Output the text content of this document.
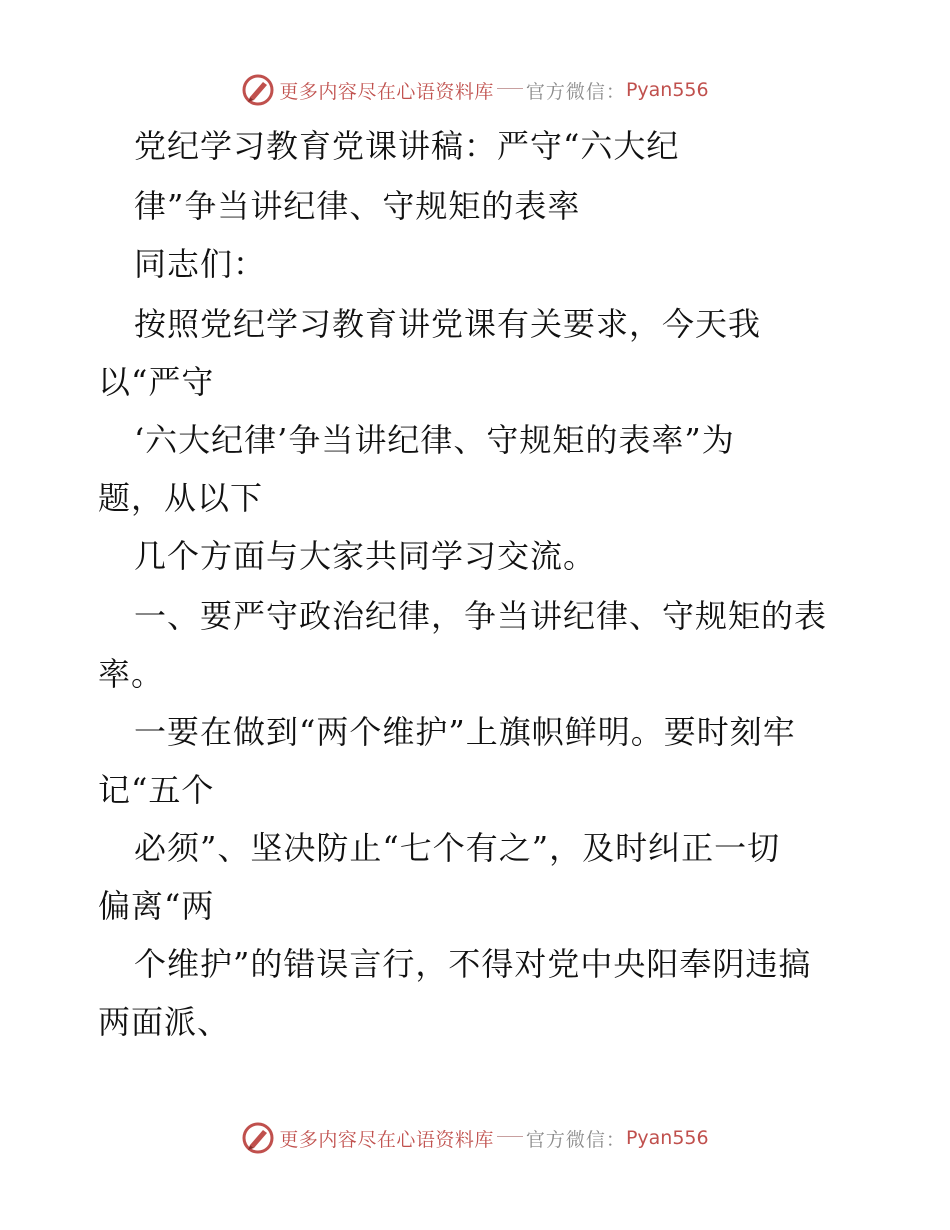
更多内容尽在心语资料库 官方微信： Pyan556
党纪学习教育党课讲稿：严守“六大纪
律”争当讲纪律、守规矩的表率
同志们：
按照党纪学习教育讲党课有关要求，今天我
以“严守
‘六大纪律’争当讲纪律、守规矩的表率”为
题，从以下
几个方面与大家共同学习交流。
一、要严守政治纪律，争当讲纪律、守规矩的表
率。
一要在做到“两个维护”上旗帜鲜明。要时刻牢
记“五个
必须”、坚决防止“七个有之”，及时纠正一切
偏离“两
个维护”的错误言行，不得对党中央阳奉阴违搞
两面派、
更多内容尽在心语资料库 官方微信： Pyan556
